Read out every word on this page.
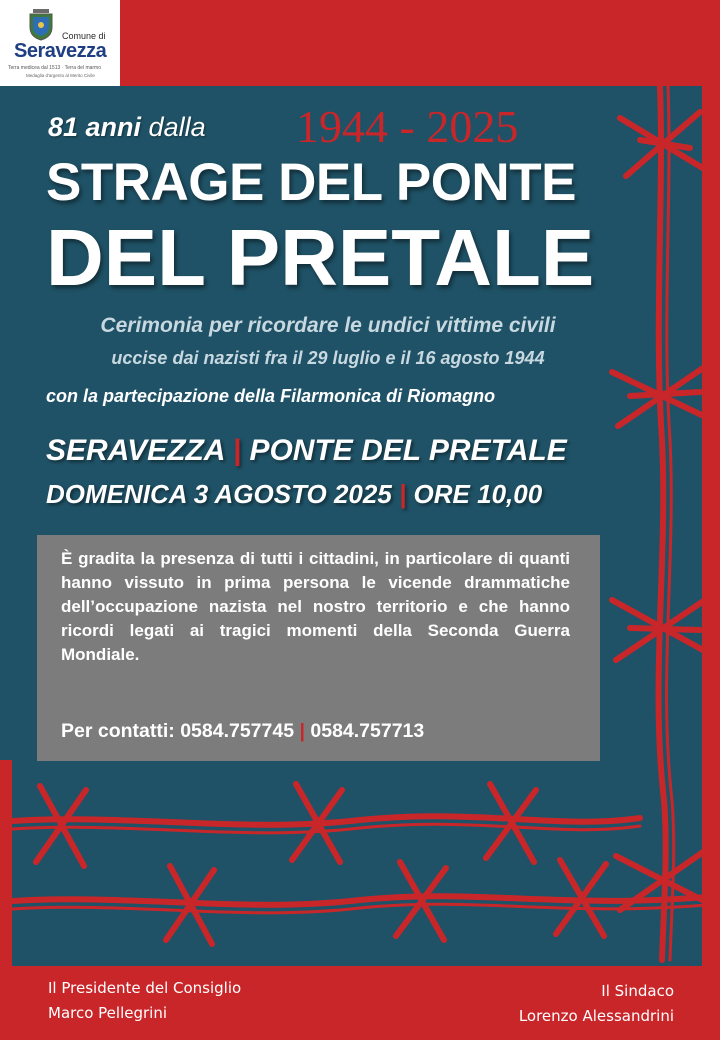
Comune di
Seravezza
Terra medicea dal 1513 · Terra del marmo
Medaglia d'argento al Merito Civile
81 anni dalla 1944 - 2025
STRAGE DEL PONTE
DEL PRETALE
Cerimonia per ricordare le undici vittime civili
uccise dai nazisti fra il 29 luglio e il 16 agosto 1944
con la partecipazione della Filarmonica di Riomagno
SERAVEZZA | PONTE DEL PRETALE
DOMENICA 3 AGOSTO 2025 | ORE 10,00
È gradita la presenza di tutti i cittadini, in particolare di quanti hanno vissuto in prima persona le vicende drammatiche dell’occupazione nazista nel nostro territorio e che hanno ricordi legati ai tragici momenti della Seconda Guerra Mondiale.
Per contatti: 0584.757745 | 0584.757713
Il Presidente del Consiglio
Marco Pellegrini
Il Sindaco
Lorenzo Alessandrini
